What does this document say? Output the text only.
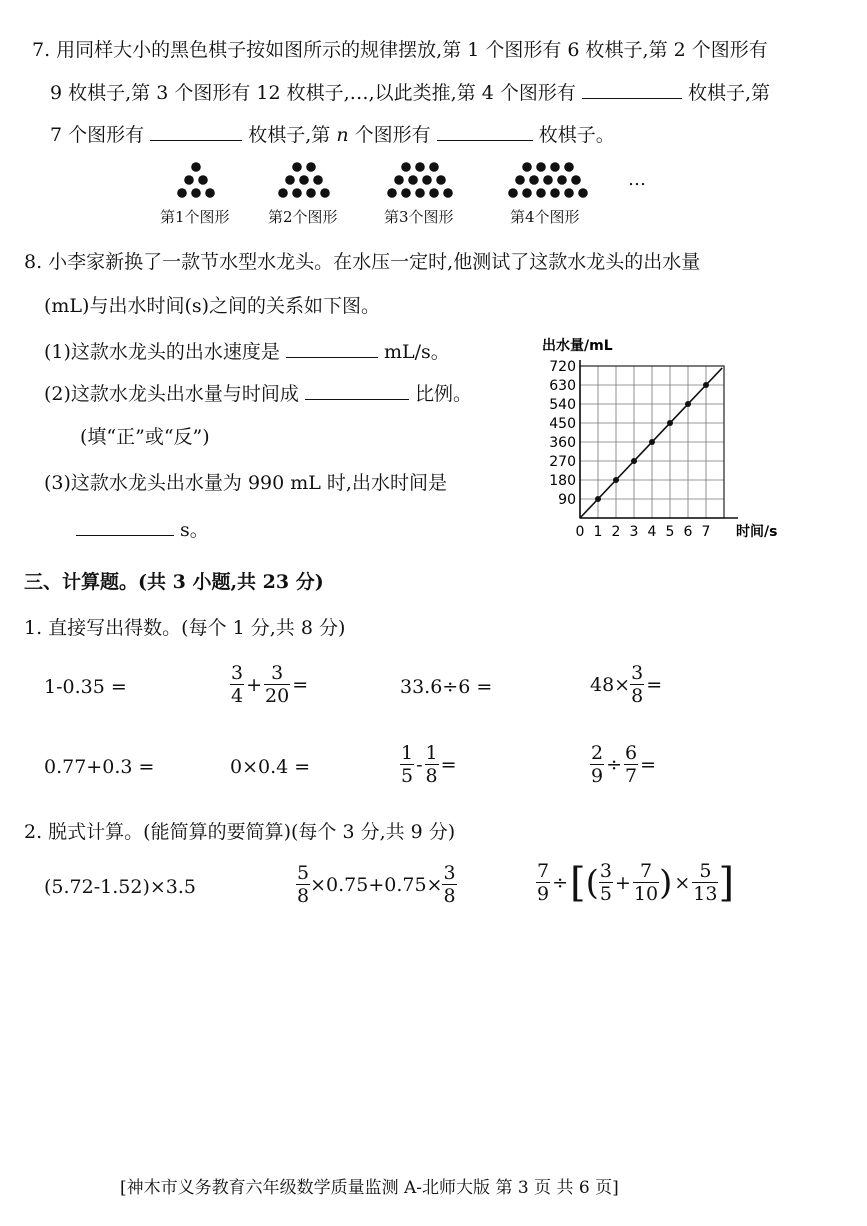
7. 用同样大小的黑色棋子按如图所示的规律摆放,第 1 个图形有 6 枚棋子,第 2 个图形有
9 枚棋子,第 3 个图形有 12 枚棋子,…,以此类推,第 4 个图形有	枚棋子,第
7 个图形有	枚棋子,第 n 个图形有	枚棋子。
第1个图形	第2个图形	第3个图形	第4个图形
…
8. 小李家新换了一款节水型水龙头。在水压一定时,他测试了这款水龙头的出水量
(mL)与出水时间(s)之间的关系如下图。
(1)这款水龙头的出水速度是	mL/s。
(2)这款水龙头出水量与时间成	比例。
(填“正”或“反”)
(3)这款水龙头出水量为 990 mL 时,出水时间是
s。
90
180
270
360
450
540
630
720
0 1 2 3 4 5 6 7
出水量/mL
时间/s
三、计算题。(共 3 小题,共 23 分)
1. 直接写出得数。(每个 1 分,共 8 分)
1-0.35 =	$\frac{3}{4} + \frac{3}{20}$ =	33.6÷6 =	$48\times \frac{3}{8}$ =
0.77+0.3 =	0×0.4 =	$\frac{1}{5} - \frac{1}{8}$ =	$\frac{2}{9} \div \frac{6}{7}$ =
2. 脱式计算。(能简算的要简算)(每个 3 分,共 9 分)
(5.72-1.52)×3.5	$\frac{5}{8} \times 0.75+0.75\times \frac{3}{8}$	$\frac{7}{9}$ ÷ [ ( $\frac{3}{5} + \frac{7}{10}$ ) × $\frac{5}{13}$ ]
[神木市义务教育六年级数学质量监测 A-北师大版 第 3 页 共 6 页]
